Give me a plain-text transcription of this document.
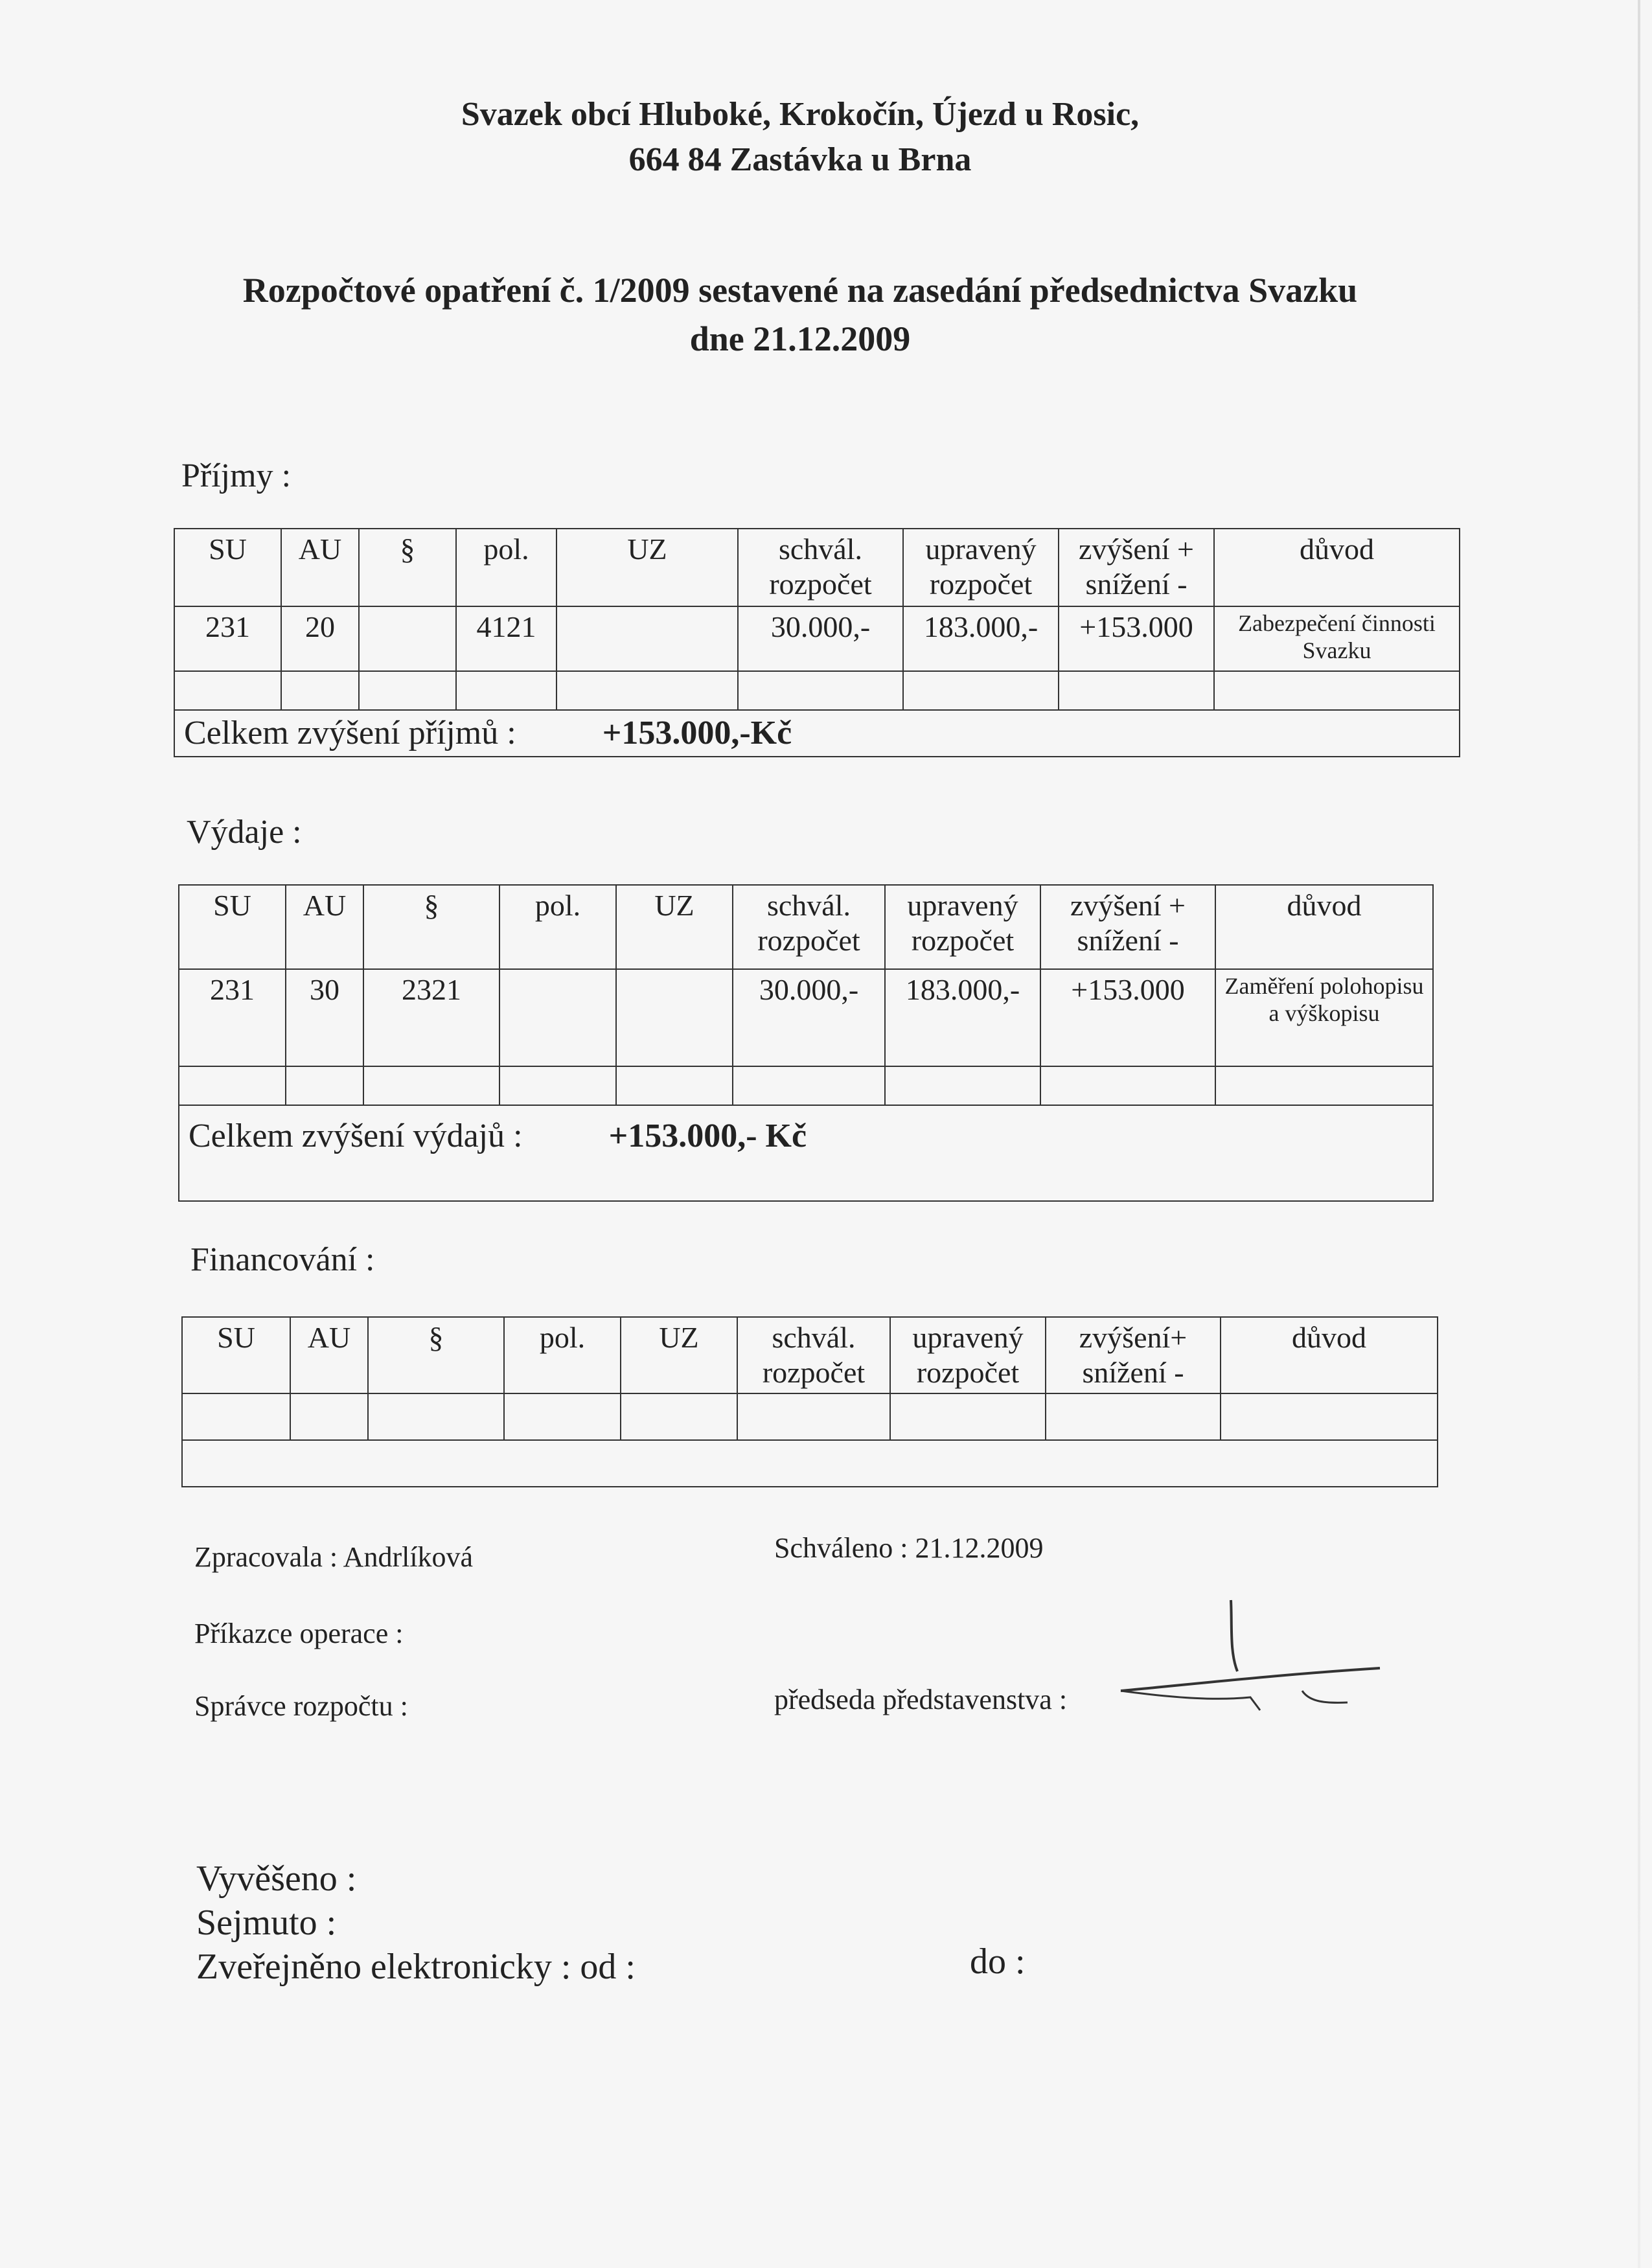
Svazek obcí Hluboké, Krokočín, Újezd u Rosic,
664 84 Zastávka u Brna
Rozpočtové opatření č. 1/2009 sestavené na zasedání předsednictva Svazku
dne 21.12.2009
Příjmy :
SU	AU	§	pol.	UZ	schvál. rozpočet	upravený rozpočet	zvýšení + snížení -	důvod
231	20		4121		30.000,-	183.000,-	+153.000	Zabezpečení činnosti Svazku

Celkem zvýšení příjmů : +153.000,-Kč								
Výdaje :
SU	AU	§	pol.	UZ	schvál. rozpočet	upravený rozpočet	zvýšení + snížení -	důvod
231	30	2321			30.000,-	183.000,-	+153.000	Zaměření polohopisu a výškopisu

Celkem zvýšení výdajů : +153.000,- Kč								
Financování :
SU	AU	§	pol.	UZ	schvál. rozpočet	upravený rozpočet	zvýšení+ snížení -	důvod

Zpracovala : Andrlíková	Schváleno : 21.12.2009
Příkazce operace :
Správce rozpočtu :	předseda představenstva :
Vyvěšeno :
Sejmuto :
Zveřejněno elektronicky : od :	do :
